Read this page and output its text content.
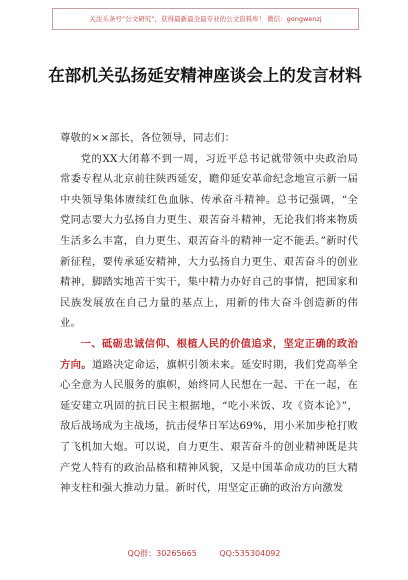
关注头条号“公文研究”，获得最新最全最专业的公文资料库！ 微信：gongwenzj
在部机关弘扬延安精神座谈会上的发言材料

尊敬的××部长，各位领导，同志们：

党的XX大闭幕不到一周，习近平总书记就带领中央政治局常委专程从北京前往陕西延安，瞻仰延安革命纪念地宣示新一届中央领导集体赓续红色血脉、传承奋斗精神。总书记强调，“全党同志要大力弘扬自力更生、艰苦奋斗精神，无论我们将来物质生活多么丰富，自力更生、艰苦奋斗的精神一定不能丢。”新时代新征程，要传承延安精神，大力弘扬自力更生、艰苦奋斗的创业精神，脚踏实地苦干实干，集中精力办好自己的事情，把国家和民族发展放在自己力量的基点上，用新的伟大奋斗创造新的伟业。

一、砥砺忠诚信仰、根植人民的价值追求，坚定正确的政治方向。道路决定命运，旗帜引领未来。延安时期，我们党高举全心全意为人民服务的旗帜，始终同人民想在一起、干在一起，在延安建立巩固的抗日民主根据地，“吃小米饭、攻《资本论》”，敌后战场成为主战场，抗击侵华日军达69%，用小米加步枪打败了飞机加大炮。可以说，自力更生、艰苦奋斗的创业精神既是共产党人特有的政治品格和精神风貌，又是中国革命成功的巨大精神支柱和强大推动力量。新时代，用坚定正确的政治方向激发

QQ群：30265665	QQ:535304092
